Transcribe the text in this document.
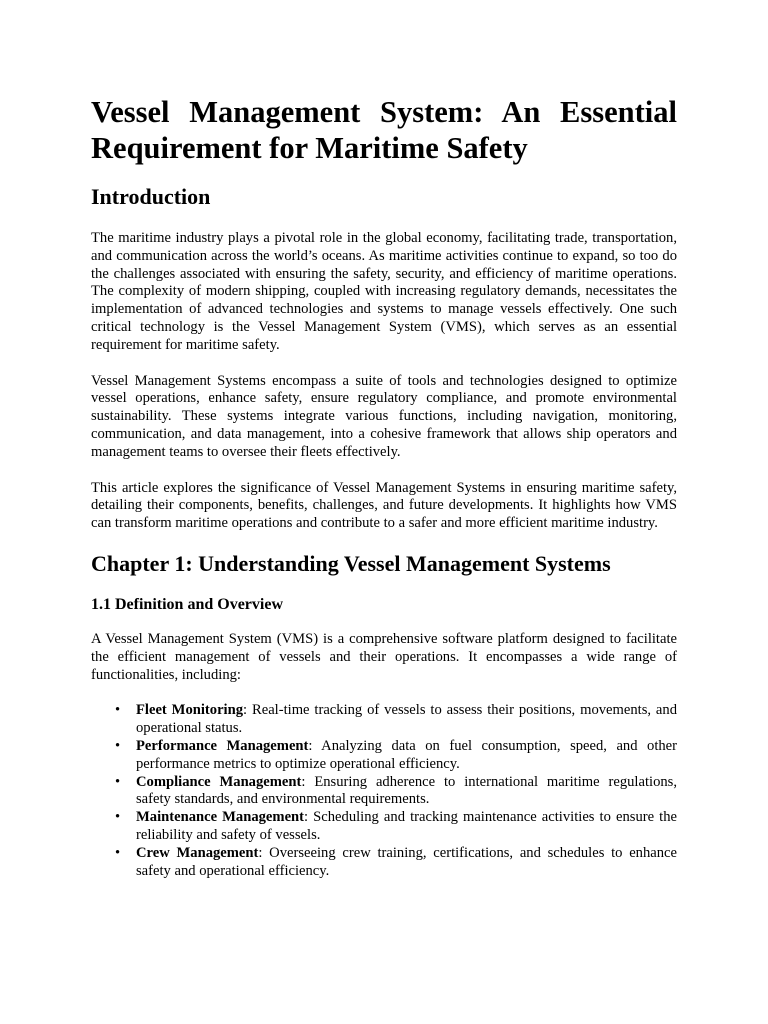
Vessel Management System: An Essential Requirement for Maritime Safety
Introduction

The maritime industry plays a pivotal role in the global economy, facilitating trade, transportation, and communication across the world’s oceans. As maritime activities continue to expand, so too do the challenges associated with ensuring the safety, security, and efficiency of maritime operations. The complexity of modern shipping, coupled with increasing regulatory demands, necessitates the implementation of advanced technologies and systems to manage vessels effectively. One such critical technology is the Vessel Management System (VMS), which serves as an essential requirement for maritime safety.

Vessel Management Systems encompass a suite of tools and technologies designed to optimize vessel operations, enhance safety, ensure regulatory compliance, and promote environmental sustainability. These systems integrate various functions, including navigation, monitoring, communication, and data management, into a cohesive framework that allows ship operators and management teams to oversee their fleets effectively.

This article explores the significance of Vessel Management Systems in ensuring maritime safety, detailing their components, benefits, challenges, and future developments. It highlights how VMS can transform maritime operations and contribute to a safer and more efficient maritime industry.

Chapter 1: Understanding Vessel Management Systems
1.1 Definition and Overview

A Vessel Management System (VMS) is a comprehensive software platform designed to facilitate the efficient management of vessels and their operations. It encompasses a wide range of functionalities, including:

• Fleet Monitoring: Real-time tracking of vessels to assess their positions, movements, and operational status.
• Performance Management: Analyzing data on fuel consumption, speed, and other performance metrics to optimize operational efficiency.
• Compliance Management: Ensuring adherence to international maritime regulations, safety standards, and environmental requirements.
• Maintenance Management: Scheduling and tracking maintenance activities to ensure the reliability and safety of vessels.
• Crew Management: Overseeing crew training, certifications, and schedules to enhance safety and operational efficiency.
